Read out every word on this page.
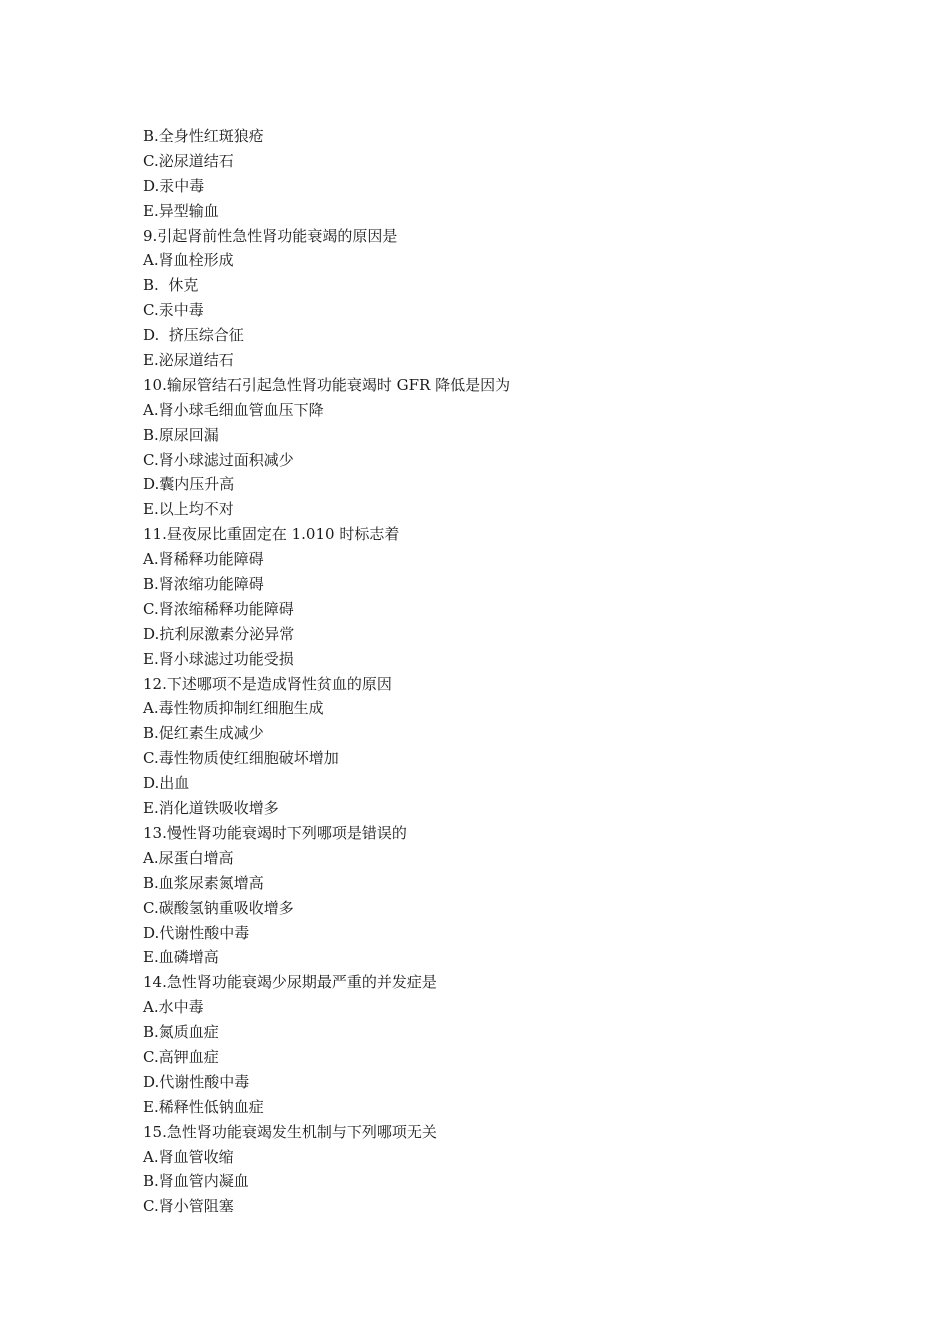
B.全身性红斑狼疮
C.泌尿道结石
D.汞中毒
E.异型输血
9.引起肾前性急性肾功能衰竭的原因是
A.肾血栓形成
B.  休克
C.汞中毒
D.  挤压综合征
E.泌尿道结石
10.输尿管结石引起急性肾功能衰竭时 GFR 降低是因为
A.肾小球毛细血管血压下降
B.原尿回漏
C.肾小球滤过面积减少
D.囊内压升高
E.以上均不对
11.昼夜尿比重固定在 1.010 时标志着
A.肾稀释功能障碍
B.肾浓缩功能障碍
C.肾浓缩稀释功能障碍
D.抗利尿激素分泌异常
E.肾小球滤过功能受损
12.下述哪项不是造成肾性贫血的原因
A.毒性物质抑制红细胞生成
B.促红素生成减少
C.毒性物质使红细胞破坏增加
D.出血
E.消化道铁吸收增多
13.慢性肾功能衰竭时下列哪项是错误的
A.尿蛋白增高
B.血浆尿素氮增高
C.碳酸氢钠重吸收增多
D.代谢性酸中毒
E.血磷增高
14.急性肾功能衰竭少尿期最严重的并发症是
A.水中毒
B.氮质血症
C.高钾血症
D.代谢性酸中毒
E.稀释性低钠血症
15.急性肾功能衰竭发生机制与下列哪项无关
A.肾血管收缩
B.肾血管内凝血
C.肾小管阻塞
